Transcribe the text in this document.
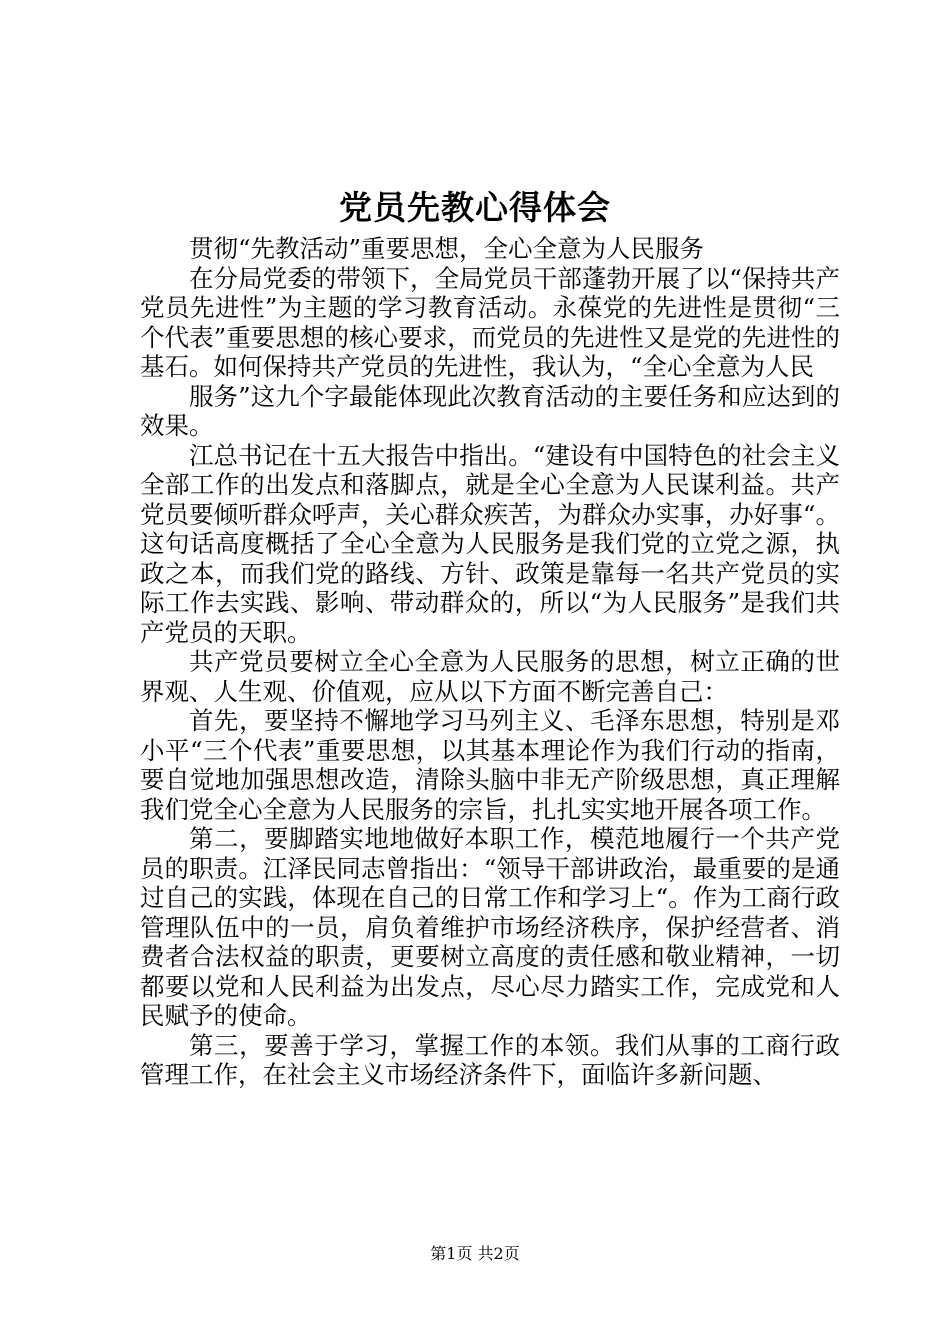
党员先教心得体会

贯彻“先教活动”重要思想，全心全意为人民服务

在分局党委的带领下，全局党员干部蓬勃开展了以“保持共产党员先进性”为主题的学习教育活动。永葆党的先进性是贯彻“三个代表”重要思想的核心要求，而党员的先进性又是党的先进性的基石。如何保持共产党员的先进性，我认为，“全心全意为人民

服务”这九个字最能体现此次教育活动的主要任务和应达到的效果。

江总书记在十五大报告中指出。“建设有中国特色的社会主义全部工作的出发点和落脚点，就是全心全意为人民谋利益。共产党员要倾听群众呼声，关心群众疾苦，为群众办实事，办好事“。这句话高度概括了全心全意为人民服务是我们党的立党之源，执政之本，而我们党的路线、方针、政策是靠每一名共产党员的实际工作去实践、影响、带动群众的，所以“为人民服务”是我们共产党员的天职。

共产党员要树立全心全意为人民服务的思想，树立正确的世界观、人生观、价值观，应从以下方面不断完善自己：

首先，要坚持不懈地学习马列主义、毛泽东思想，特别是邓小平“三个代表”重要思想，以其基本理论作为我们行动的指南，要自觉地加强思想改造，清除头脑中非无产阶级思想，真正理解我们党全心全意为人民服务的宗旨，扎扎实实地开展各项工作。

第二，要脚踏实地地做好本职工作，模范地履行一个共产党员的职责。江泽民同志曾指出：“领导干部讲政治，最重要的是通过自己的实践，体现在自己的日常工作和学习上“。作为工商行政管理队伍中的一员，肩负着维护市场经济秩序，保护经营者、消费者合法权益的职责，更要树立高度的责任感和敬业精神，一切都要以党和人民利益为出发点，尽心尽力踏实工作，完成党和人民赋予的使命。

第三，要善于学习，掌握工作的本领。我们从事的工商行政管理工作，在社会主义市场经济条件下，面临许多新问题、

第1页 共2页
